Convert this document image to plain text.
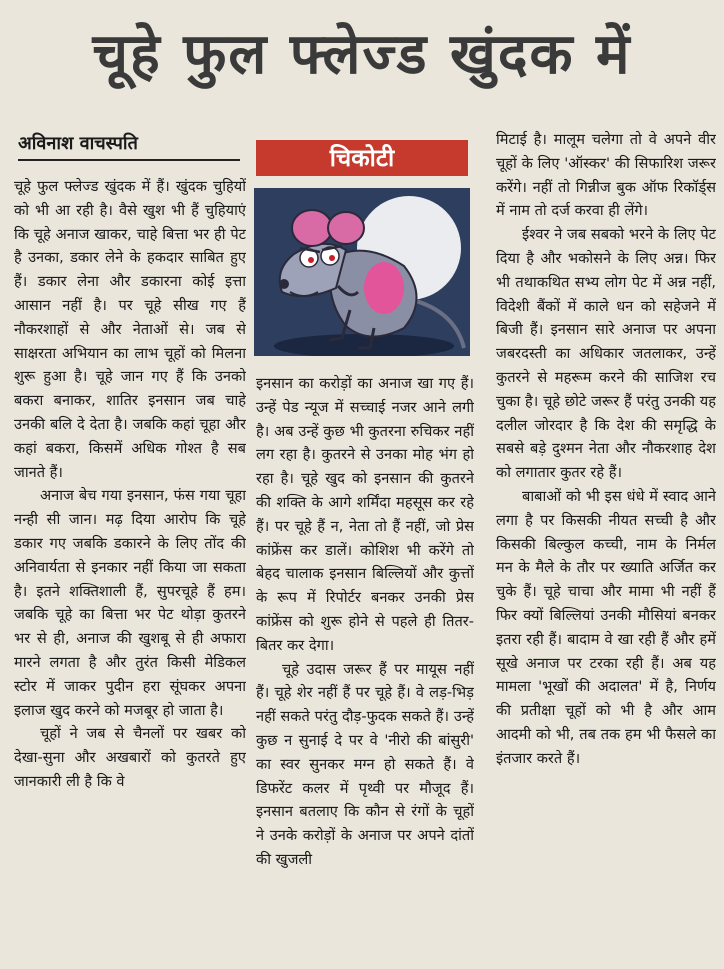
चूहे फुल फ्लेज्ड खुंदक में
अविनाश वाचस्पति
चिकोटी

चूहे फुल फ्लेज्ड खुंदक में हैं। खुंदक चुहियों को भी आ रही है। वैसे खुश भी हैं चुहियाएं कि चूहे अनाज खाकर, चाहे बित्ता भर ही पेट है उनका, डकार लेने के हकदार साबित हुए हैं। डकार लेना और डकारना कोई इत्ता आसान नहीं है। पर चूहे सीख गए हैं नौकरशाहों से और नेताओं से। जब से साक्षरता अभियान का लाभ चूहों को मिलना शुरू हुआ है। चूहे जान गए हैं कि उनको बकरा बनाकर, शातिर इनसान जब चाहे उनकी बलि दे देता है। जबकि कहां चूहा और कहां बकरा, किसमें अधिक गोश्त है सब जानते हैं।

अनाज बेच गया इनसान, फंस गया चूहा नन्ही सी जान। मढ़ दिया आरोप कि चूहे डकार गए जबकि डकारने के लिए तोंद की अनिवार्यता से इनकार नहीं किया जा सकता है। इतने शक्तिशाली हैं, सुपरचूहे हैं हम। जबकि चूहे का बित्ता भर पेट थोड़ा कुतरने भर से ही, अनाज की खुशबू से ही अफारा मारने लगता है और तुरंत किसी मेडिकल स्टोर में जाकर पुदीन हरा सूंघकर अपना इलाज खुद करने को मजबूर हो जाता है।

चूहों ने जब से चैनलों पर खबर को देखा-सुना और अखबारों को कुतरते हुए जानकारी ली है कि वे

इनसान का करोड़ों का अनाज खा गए हैं। उन्हें पेड न्यूज में सच्चाई नजर आने लगी है। अब उन्हें कुछ भी कुतरना रुचिकर नहीं लग रहा है। कुतरने से उनका मोह भंग हो रहा है। चूहे खुद को इनसान की कुतरने की शक्ति के आगे शर्मिंदा महसूस कर रहे हैं। पर चूहे हैं न, नेता तो हैं नहीं, जो प्रेस कांफ्रेंस कर डालें। कोशिश भी करेंगे तो बेहद चालाक इनसान बिल्लियों और कुत्तों के रूप में रिपोर्टर बनकर उनकी प्रेस कांफ्रेंस को शुरू होने से पहले ही तितर-बितर कर देगा।

चूहे उदास जरूर हैं पर मायूस नहीं हैं। चूहे शेर नहीं हैं पर चूहे हैं। वे लड़-भिड़ नहीं सकते परंतु दौड़-फुदक सकते हैं। उन्हें कुछ न सुनाई दे पर वे 'नीरो की बांसुरी' का स्वर सुनकर मग्न हो सकते हैं। वे डिफरेंट कलर में पृथ्वी पर मौजूद हैं। इनसान बतलाए कि कौन से रंगों के चूहों ने उनके करोड़ों के अनाज पर अपने दांतों की खुजली

मिटाई है। मालूम चलेगा तो वे अपने वीर चूहों के लिए 'ऑस्कर' की सिफारिश जरूर करेंगे। नहीं तो गिन्नीज बुक ऑफ रिकॉर्ड्स में नाम तो दर्ज करवा ही लेंगे।

ईश्वर ने जब सबको भरने के लिए पेट दिया है और भकोसने के लिए अन्न। फिर भी तथाकथित सभ्य लोग पेट में अन्न नहीं, विदेशी बैंकों में काले धन को सहेजने में बिजी हैं। इनसान सारे अनाज पर अपना जबरदस्ती का अधिकार जतलाकर, उन्हें कुतरने से महरूम करने की साजिश रच चुका है। चूहे छोटे जरूर हैं परंतु उनकी यह दलील जोरदार है कि देश की समृद्धि के सबसे बड़े दुश्मन नेता और नौकरशाह देश को लगातार कुतर रहे हैं।

बाबाओं को भी इस धंधे में स्वाद आने लगा है पर किसकी नीयत सच्ची है और किसकी बिल्कुल कच्ची, नाम के निर्मल मन के मैले के तौर पर ख्याति अर्जित कर चुके हैं। चूहे चाचा और मामा भी नहीं हैं फिर क्यों बिल्लियां उनकी मौसियां बनकर इतरा रही हैं। बादाम वे खा रही हैं और हमें सूखे अनाज पर टरका रही हैं। अब यह मामला 'भूखों की अदालत' में है, निर्णय की प्रतीक्षा चूहों को भी है और आम आदमी को भी, तब तक हम भी फैसले का इंतजार करते हैं।
